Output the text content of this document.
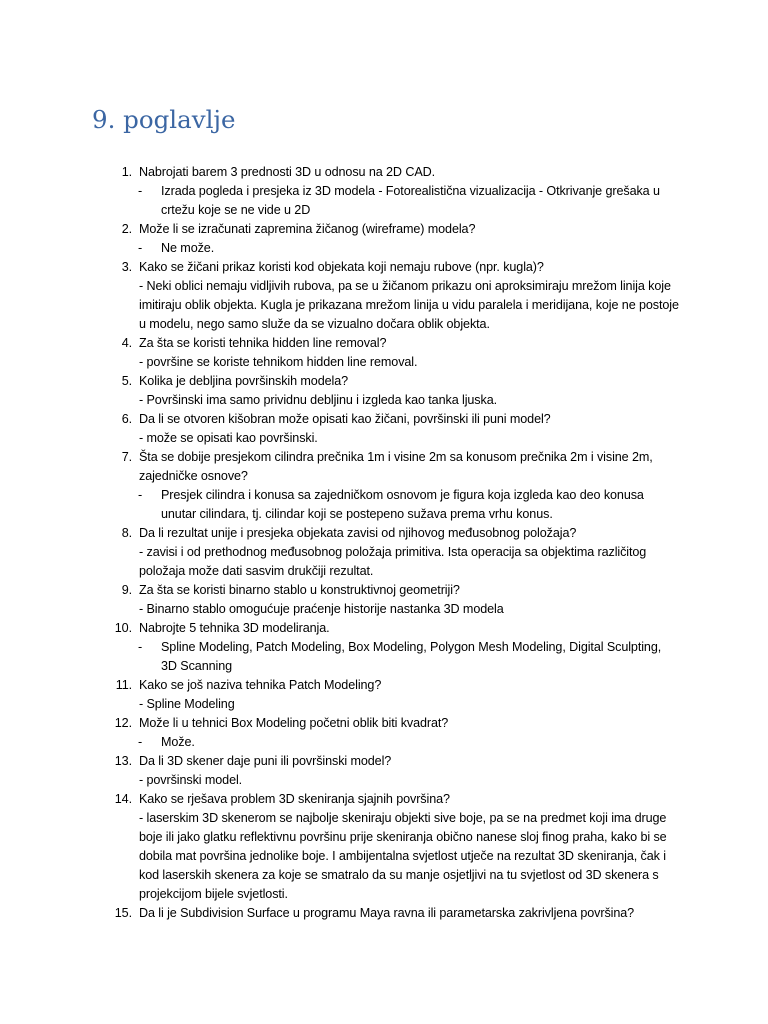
9. poglavlje
1. Nabrojati barem 3 prednosti 3D u odnosu na 2D CAD.
- Izrada pogleda i presjeka iz 3D modela - Fotorealistična vizualizacija - Otkrivanje grešaka u crtežu koje se ne vide u 2D
2. Može li se izračunati zapremina žičanog (wireframe) modela?
- Ne može.
3. Kako se žičani prikaz koristi kod objekata koji nemaju rubove (npr. kugla)?
- Neki oblici nemaju vidljivih rubova, pa se u žičanom prikazu oni aproksimiraju mrežom linija koje imitiraju oblik objekta. Kugla je prikazana mrežom linija u vidu paralela i meridijana, koje ne postoje u modelu, nego samo služe da se vizualno dočara oblik objekta.
4. Za šta se koristi tehnika hidden line removal?
- površine se koriste tehnikom hidden line removal.
5. Kolika je debljina površinskih modela?
- Površinski ima samo prividnu debljinu i izgleda kao tanka ljuska.
6. Da li se otvoren kišobran može opisati kao žičani, površinski ili puni model?
- može se opisati kao površinski.
7. Šta se dobije presjekom cilindra prečnika 1m i visine 2m sa konusom prečnika 2m i visine 2m, zajedničke osnove?
- Presjek cilindra i konusa sa zajedničkom osnovom je figura koja izgleda kao deo konusa unutar cilindara, tj. cilindar koji se postepeno sužava prema vrhu konus.
8. Da li rezultat unije i presjeka objekata zavisi od njihovog međusobnog položaja?
- zavisi i od prethodnog međusobnog položaja primitiva. Ista operacija sa objektima različitog položaja može dati sasvim drukčiji rezultat.
9. Za šta se koristi binarno stablo u konstruktivnoj geometriji?
- Binarno stablo omogućuje praćenje historije nastanka 3D modela
10. Nabrojte 5 tehnika 3D modeliranja.
- Spline Modeling, Patch Modeling, Box Modeling, Polygon Mesh Modeling, Digital Sculpting, 3D Scanning
11. Kako se još naziva tehnika Patch Modeling?
- Spline Modeling
12. Može li u tehnici Box Modeling početni oblik biti kvadrat?
- Može.
13. Da li 3D skener daje puni ili površinski model?
- površinski model.
14. Kako se rješava problem 3D skeniranja sjajnih površina?
- laserskim 3D skenerom se najbolje skeniraju objekti sive boje, pa se na predmet koji ima druge boje ili jako glatku reflektivnu površinu prije skeniranja obično nanese sloj finog praha, kako bi se dobila mat površina jednolike boje. I ambijentalna svjetlost utječe na rezultat 3D skeniranja, čak i kod laserskih skenera za koje se smatralo da su manje osjetljivi na tu svjetlost od 3D skenera s projekcijom bijele svjetlosti.
15. Da li je Subdivision Surface u programu Maya ravna ili parametarska zakrivljena površina?
